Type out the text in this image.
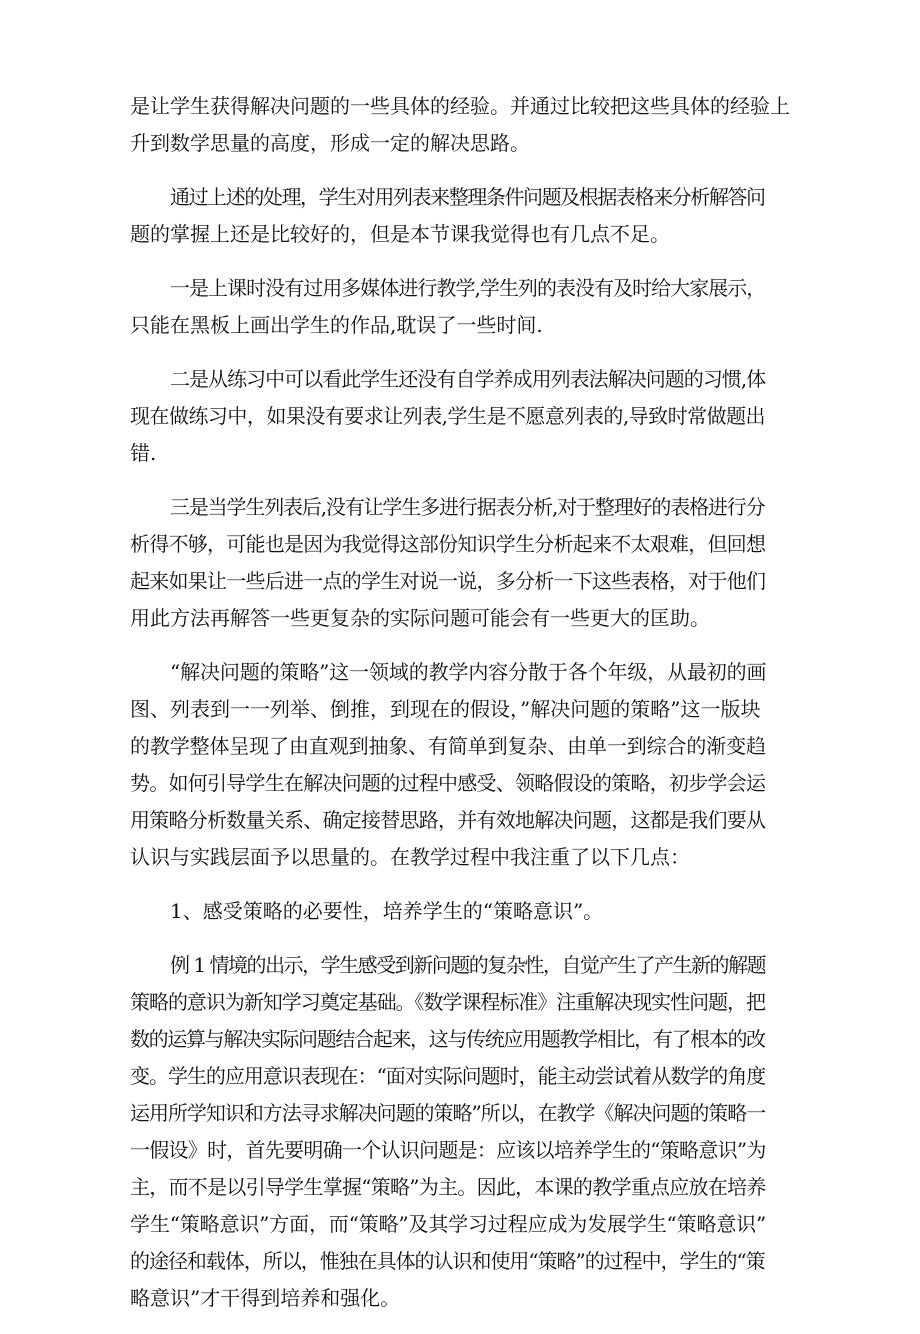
是让学生获得解决问题的一些具体的经验。并通过比较把这些具体的经验上
升到数学思量的高度，形成一定的解决思路。
通过上述的处理，学生对用列表来整理条件问题及根据表格来分析解答问
题的掌握上还是比较好的，但是本节课我觉得也有几点不足。
一是上课时没有过用多媒体进行教学,学生列的表没有及时给大家展示，
只能在黑板上画出学生的作品,耽误了一些时间.
二是从练习中可以看此学生还没有自学养成用列表法解决问题的习惯,体
现在做练习中，如果没有要求让列表,学生是不愿意列表的,导致时常做题出
错.
三是当学生列表后,没有让学生多进行据表分析,对于整理好的表格进行分
析得不够，可能也是因为我觉得这部份知识学生分析起来不太艰难，但回想
起来如果让一些后进一点的学生对说一说，多分析一下这些表格，对于他们
用此方法再解答一些更复杂的实际问题可能会有一些更大的匡助。
“解决问题的策略”这一领域的教学内容分散于各个年级，从最初的画
图、列表到一一列举、倒推，到现在的假设，”解决问题的策略”这一版块
的教学整体呈现了由直观到抽象、有简单到复杂、由单一到综合的渐变趋
势。如何引导学生在解决问题的过程中感受、领略假设的策略，初步学会运
用策略分析数量关系、确定接替思路，并有效地解决问题，这都是我们要从
认识与实践层面予以思量的。在教学过程中我注重了以下几点：
1、感受策略的必要性，培养学生的“策略意识”。
例 1 情境的出示，学生感受到新问题的复杂性，自觉产生了产生新的解题
策略的意识为新知学习奠定基础。《数学课程标准》注重解决现实性问题，把
数的运算与解决实际问题结合起来，这与传统应用题教学相比，有了根本的改
变。学生的应用意识表现在：“面对实际问题时，能主动尝试着从数学的角度
运用所学知识和方法寻求解决问题的策略”所以，在教学《解决问题的策略一
一假设》时，首先要明确一个认识问题是：应该以培养学生的“策略意识”为
主，而不是以引导学生掌握“策略”为主。因此，本课的教学重点应放在培养
学生“策略意识”方面，而“策略”及其学习过程应成为发展学生“策略意识”
的途径和载体，所以，惟独在具体的认识和使用“策略”的过程中，学生的“策
略意识”才干得到培养和强化。
